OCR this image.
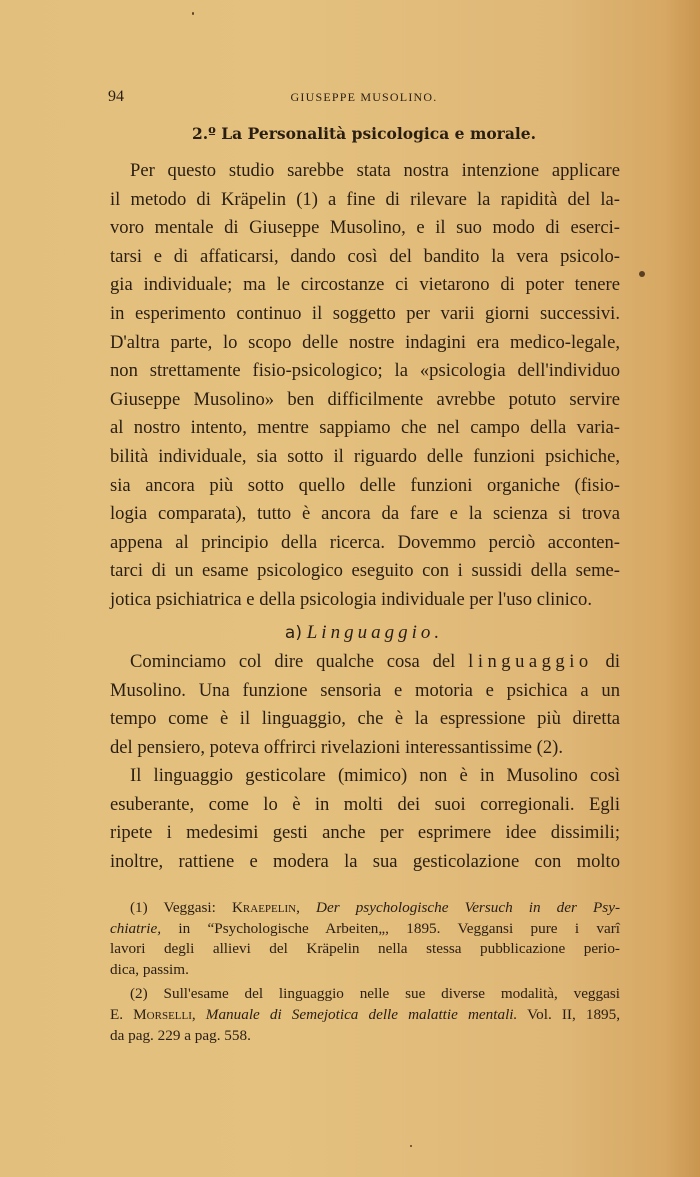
94	GIUSEPPE MUSOLINO.
2.º La Personalità psicologica e morale.
Per questo studio sarebbe stata nostra intenzione applicare
il metodo di Kräpelin (1) a fine di rilevare la rapidità del la-
voro mentale di Giuseppe Musolino, e il suo modo di eserci-
tarsi e di affaticarsi, dando così del bandito la vera psicolo-
gia individuale; ma le circostanze ci vietarono di poter tenere
in esperimento continuo il soggetto per varii giorni successivi.
D'altra parte, lo scopo delle nostre indagini era medico-legale,
non strettamente fisio-psicologico; la «psicologia dell'individuo
Giuseppe Musolino» ben difficilmente avrebbe potuto servire
al nostro intento, mentre sappiamo che nel campo della varia-
bilità individuale, sia sotto il riguardo delle funzioni psichiche,
sia ancora più sotto quello delle funzioni organiche (fisio-
logia comparata), tutto è ancora da fare e la scienza si trova
appena al principio della ricerca. Dovemmo perciò acconten-
tarci di un esame psicologico eseguito con i sussidi della seme-
jotica psichiatrica e della psicologia individuale per l'uso clinico.
a) Linguaggio.
Cominciamo col dire qualche cosa del linguaggio di
Musolino. Una funzione sensoria e motoria e psichica a un
tempo come è il linguaggio, che è la espressione più diretta
del pensiero, poteva offrirci rivelazioni interessantissime (2).
Il linguaggio gesticolare (mimico) non è in Musolino così
esuberante, come lo è in molti dei suoi corregionali. Egli
ripete i medesimi gesti anche per esprimere idee dissimili;
inoltre, rattiene e modera la sua gesticolazione con molto
(1) Veggasi: Kraepelin, Der psychologische Versuch in der Psy-
chiatrie, in “Psychologische Arbeiten„, 1895. Veggansi pure i varî
lavori degli allievi del Kräpelin nella stessa pubblicazione perio-
dica, passim.
(2) Sull'esame del linguaggio nelle sue diverse modalità, veggasi
E. Morselli, Manuale di Semejotica delle malattie mentali. Vol. II, 1895,
da pag. 229 a pag. 558.
